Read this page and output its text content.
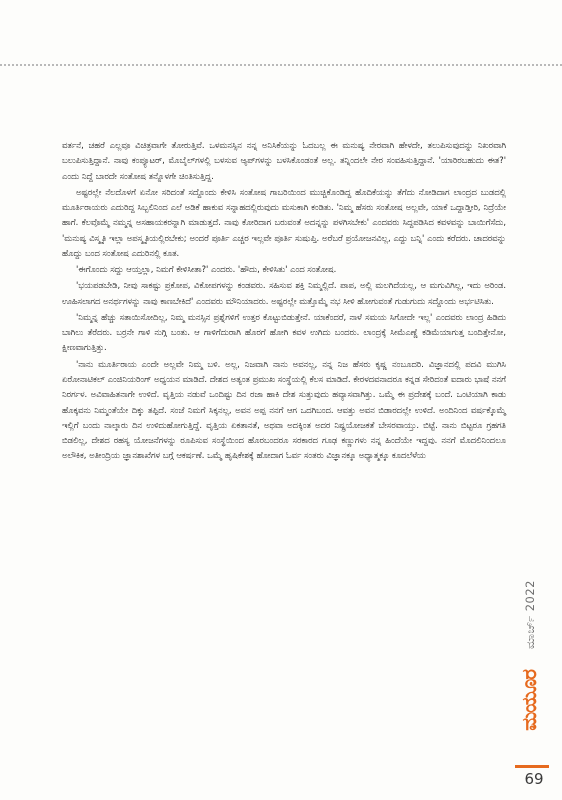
ವರ್ತನೆ, ಚಹರೆ ಎಲ್ಲವೂ ವಿಚಿತ್ರವಾಗೇ ತೋರುತ್ತಿವೆ. ಒಳಮನಸ್ಸಿನ ನನ್ನ ಅನಿಸಿಕೆಯನ್ನು ಓದಬಲ್ಲ ಈ ಮನುಷ್ಯ ನೇರವಾಗಿ ಹೇಳದೇ, ತಲುಪಿಸುವುದನ್ನು ನಿಖರವಾಗಿ ಬಲುಪಿಸುತ್ತಿದ್ದಾನೆ. ನಾವು ಕಂಪ್ಯೂಟರ್, ಮೊಬೈಲ್‌ಗಳಲ್ಲಿ ಬಳಸುವ ಆ್ಯಪ್‌ಗಳನ್ನು ಬಳಸಿಕೊಂಡಂತೆ ಅಲ್ಲ. ತನ್ನಿಂದಲೇ ನೇರ ಸಂವಹಿಸುತ್ತಿದ್ದಾನೆ. 'ಯಾರಿರಬಹುದು ಈತ?' ಎಂದು ನಿದ್ದೆ ಬಾರದೇ ಸಂತೋಷ ತನ್ನೊಳಗೇ ಚಿಂತಿಸುತ್ತಿದ್ದ.

ಅಷ್ಟರಲ್ಲೇ ನೆಲದೊಳಗೆ ಏನೋ ಸರಿದಂತೆ ಸದ್ದೊಂದು ಕೇಳಿಸಿ ಸಂತೋಷ ಗಾಬರಿಯಿಂದ ಮುಚ್ಚಿಕೊಂಡಿದ್ದ ಹೊದಿಕೆಯನ್ನು ತೆಗೆದು ನೋಡಿದಾಗ ಲಾಂದ್ರದ ಬುಡದಲ್ಲಿ ಮೂರ್ತಿರಾಯರು ಎದುರಿದ್ದ ಸಿಬ್ಬಲಿನಿಂದ ಎಲೆ ಅಡಿಕೆ ಹಾಕುವ ಸನ್ನಾಹದಲ್ಲಿರುವುದು ಮಸುಕಾಗಿ ಕಂಡಿತು. 'ನಿಮ್ಮ ಹೆಸರು ಸಂತೋಷ ಅಲ್ಲವೇ, ಯಾಕೆ ಒದ್ದಾಡ್ತೀರಿ, ನಿದ್ರೆಯೇ ಹಾಗೆ. ಕೆಲವೊಮ್ಮೆ ನಮ್ಮನ್ನ ಅಸಹಾಯಕರನ್ನಾಗಿ ಮಾಡುತ್ತದೆ. ನಾವು ಕೋರಿದಾಗ ಬರುವಂತೆ ಅದನ್ನನ್ನು ಪಳಗಿಸಬೇಕು' ಎಂದವರು ಸಿದ್ದಪಡಿಸಿದ ಕವಳವನ್ನು ಬಾಯಿಗೆಸೆದು, 'ಮನುಷ್ಯ ವಿಸ್ಮೃತಿ ಇಲ್ಲಾ ಅಪಸ್ಮೃತಿಯಲ್ಲಿರಬೇಕು; ಅಂದರೆ ಪೂರ್ತಿ ಎಚ್ಚರ ಇಲ್ಲವೇ ಪೂರ್ತಿ ಸುಷುಪ್ತಿ. ಅರೆಬರೆ ಪ್ರಯೋಜನವಿಲ್ಲ, ಎದ್ದು ಬನ್ನಿ' ಎಂದು ಕರೆದರು. ಚಾದರವನ್ನು ಹೊದ್ದು ಬಂದ ಸಂತೋಷ ಎದುರಿನಲ್ಲಿ ಕೂತ.

'ಈಗೊಂದು ಸದ್ದು ಆಯ್ತಲ್ಲಾ, ನಿಮಗೆ ಕೇಳಿಸೀತಾ?' ಎಂದರು. 'ಹೌದು, ಕೇಳಿಸಿತು' ಎಂದ ಸಂತೋಷ.

'ಭಯಪಡಬೇಡಿ, ನೀವು ಸಾಕಷ್ಟು ಪ್ರಕೋಪ, ವಿಕೋಪಗಳನ್ನು ಕಂಡವರು. ಸಹಿಸುವ ಶಕ್ತಿ ನಿಮ್ಮಲ್ಲಿದೆ. ಪಾಪ, ಅಲ್ಲಿ ಮಲಗಿದೆಯಲ್ಲ, ಆ ಮಗುವಿಗಿಲ್ಲ, ಇದು ಅರಿಂಡ. ಊಹಿಸಲಾಗದ ಅನರ್ಥಗಳನ್ನು ನಾವು ಕಾಣಬೇಕಿದೆ' ಎಂದವರು ಮೌನಿಯಾದರು. ಅಷ್ಟರಲ್ಲೇ ಮತ್ತೊಮ್ಮೆ ನಭ ಸೀಳಿ ಹೋಗುವಂತೆ ಗುಡುಗುದು ಸದ್ದೊಂದು ಅರ್ಭಟಿಸಿತು.

'ನಿಮ್ಮನ್ನ ಹೆಚ್ಚು ಸತಾಯಿಸೋದಿಲ್ಲ, ನಿಮ್ಮ ಮನಸ್ಸಿನ ಪ್ರಶ್ನೆಗಳಿಗೆ ಉತ್ತರ ಕೊಟ್ಟುಬಿಡುತ್ತೇನೆ. ಯಾಕೆಂದರೆ, ನಾಳೆ ಸಮಯ ಸಿಗೋದೇ ಇಲ್ಲ' ಎಂದವರು ಲಾಂದ್ರ ಹಿಡಿದು ಬಾಗಿಲು ತೆರೆದರು. ಬರ್ರನೇ ಗಾಳಿ ನುಗ್ಗಿ ಬಂತು. ಆ ಗಾಳಿಗೆದುರಾಗಿ ಹೊರಗೆ ಹೋಗಿ ಕವಳ ಉಗಿದು ಬಂದರು. ಲಾಂದ್ರಕ್ಕೆ ಸೀಮೆಎಣ್ಣೆ ಕಡಿಮೆಯಾಗುತ್ತ ಬಂದಿತ್ತೇನೋ, ಕ್ಷೀಣವಾಗುತ್ತಿತ್ತು.

'ನಾನು ಮೂರ್ತಿರಾಯ ಎಂದೇ ಅಲ್ಲವೇ ನಿಮ್ಮ ಬಳಿ. ಅಲ್ಲ, ನಿಜವಾಗಿ ನಾನು ಅವನಲ್ಲ, ನನ್ನ ನಿಜ ಹೆಸರು ಕೃಷ್ಣ ನಂಬೂದರಿ. ವಿಜ್ಞಾನದಲ್ಲಿ ಪದವಿ ಮುಗಿಸಿ ಏರೋನಾಟಿಕಲ್ ಎಂಜಿನಿಯರಿಂಗ್ ಅಧ್ಯಯನ ಮಾಡಿದೆ. ದೇಶದ ಅತ್ಯಂತ ಪ್ರಮುಖ ಸಂಸ್ಥೆಯಲ್ಲಿ ಕೆಲಸ ಮಾಡಿದೆ. ಕೇರಳದವನಾದರೂ ಕನ್ನಡ ಸೇರಿದಂತೆ ಐದಾರು ಭಾಷೆ ನನಗೆ ನಿರರ್ಗಳ. ಅವಿವಾಹಿತನಾಗೇ ಉಳಿದೆ. ವೃತ್ತಿಯ ನಡುವೆ ಒಂದಿಷ್ಟು ದಿನ ರಜಾ ಹಾಕಿ ದೇಶ ಸುತ್ತುವುದು ಹವ್ಯಾಸವಾಗಿತ್ತು. ಒಮ್ಮೆ ಈ ಪ್ರದೇಶಕ್ಕೆ ಬಂದೆ. ಒಂಟಿಯಾಗಿ ಕಾಡು ಹೊಕ್ಕವನು ನಿಮ್ಮಂತೆಯೇ ದಿಕ್ಕು ತಪ್ಪಿದೆ. ಸಂಜೆ ನಿಮಗೆ ಸಿಕ್ಕನಲ್ಲ, ಅವನ ಅಪ್ಪ ನನಗೆ ಆಗ ಒದಗಿಬಂದ. ಆವತ್ತು ಅವನ ಬಿಡಾರದಲ್ಲೇ ಉಳಿದೆ. ಅಂದಿನಿಂದ ವರ್ಷಕ್ಕೊಮ್ಮೆ ಇಲ್ಲಿಗೆ ಬಂದು ನಾಲ್ಕಾರು ದಿನ ಉಳಿದುಹೋಗುತ್ತಿದ್ದೆ. ವೃತ್ತಿಯ ಏಕತಾನತೆ, ಅಥವಾ ಅದಕ್ಕಿಂತ ಅದರ ನಿಷ್ಪ್ರಯೋಜಕತೆ ಬೇಸರವಾಯ್ತು. ಬಿಟ್ಟೆ. ನಾನು ಬಿಟ್ಟರೂ ಗ್ರಹಗತಿ ಬಿಡಲಿಲ್ಲ, ದೇಶದ ರಹಸ್ಯ ಯೋಜನೆಗಳನ್ನು ರೂಪಿಸುವ ಸಂಸ್ಥೆಯಿಂದ ಹೊರಬಂದರೂ ಸರಕಾರದ ಗೂಢ ಕಣ್ಣುಗಳು ನನ್ನ ಹಿಂದೆಯೇ ಇದ್ದವು. ನನಗೆ ಮೊದಲಿನಿಂದಲೂ ಅಲೌಕಿಕ, ಅತೀಂದ್ರಿಯ ಜ್ಞಾನಶಾಖೆಗಳ ಬಗ್ಗೆ ಆಕರ್ಷಣೆ. ಒಮ್ಮೆ ಹೃಷಿಕೇಶಕ್ಕೆ ಹೋದಾಗ ಓರ್ವ ಸಂತರು ವಿಜ್ಞಾನಕ್ಕೂ ಅಧ್ಯಾತ್ಮಕ್ಕೂ ಕೂದಲೆಳೆಯ

ಮಾರ್ಚ್ 2022
ಮಯೂರ
69
